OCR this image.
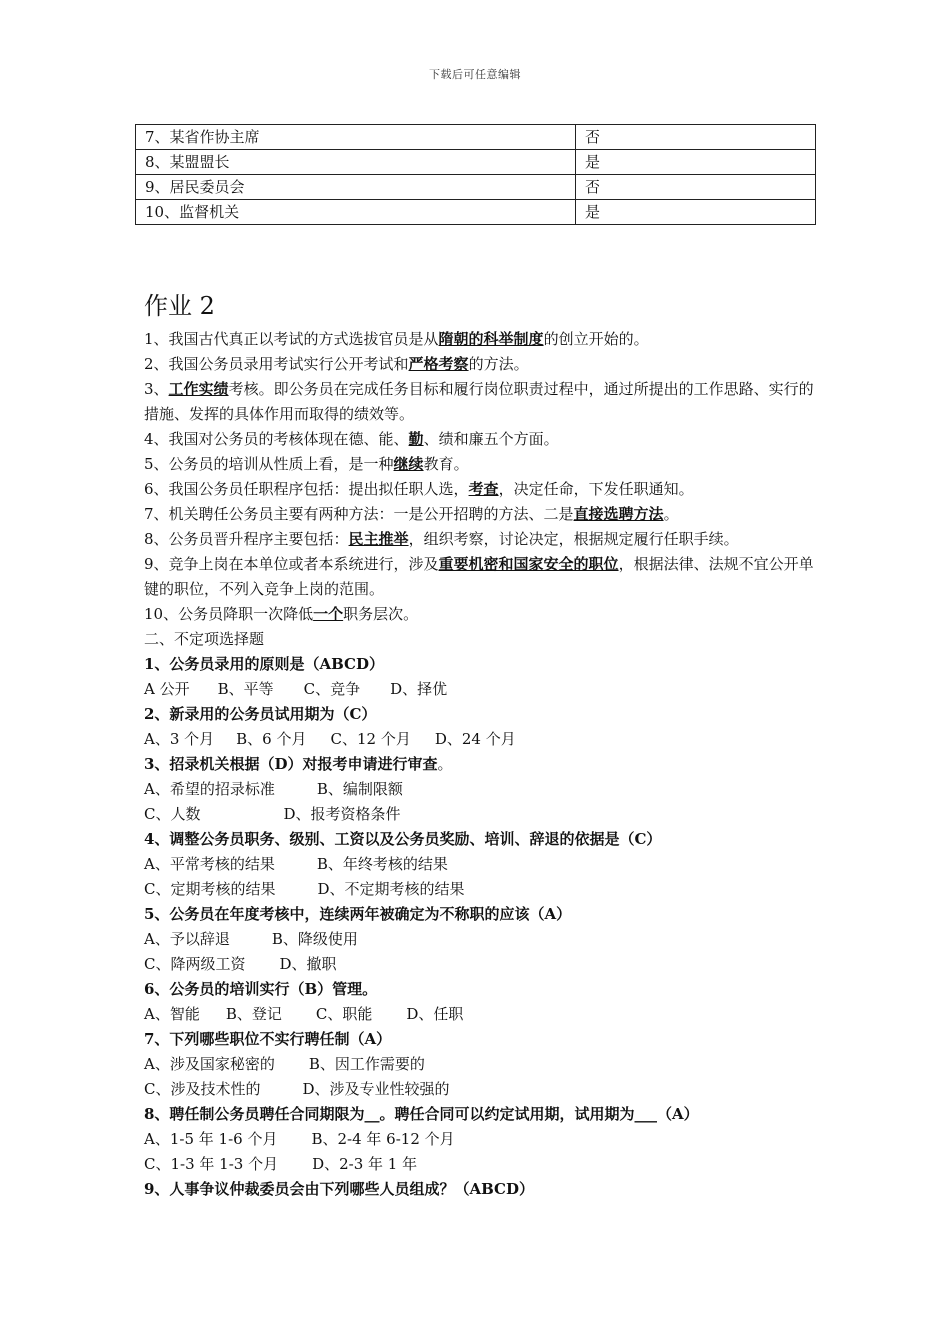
下载后可任意编辑
7、某省作协主席	否
8、某盟盟长	是
9、居民委员会	否
10、监督机关	是
作业 2
1、我国古代真正以考试的方式选拔官员是从隋朝的科举制度的创立开始的。
2、我国公务员录用考试实行公开考试和严格考察的方法。
3、工作实绩考核。即公务员在完成任务目标和履行岗位职责过程中，通过所提出的工作思路、实行的措施、发挥的具体作用而取得的绩效等。
4、我国对公务员的考核体现在德、能、勤、绩和廉五个方面。
5、公务员的培训从性质上看，是一种继续教育。
6、我国公务员任职程序包括：提出拟任职人选，考查，决定任命，下发任职通知。
7、机关聘任公务员主要有两种方法：一是公开招聘的方法、二是直接选聘方法。
8、公务员晋升程序主要包括：民主推举，组织考察，讨论决定，根据规定履行任职手续。
9、竞争上岗在本单位或者本系统进行，涉及重要机密和国家安全的职位，根据法律、法规不宜公开单键的职位，不列入竞争上岗的范围。
10、公务员降职一次降低一个职务层次。
二、不定项选择题
1、公务员录用的原则是（ABCD）
A 公开 B、平等 C、竞争 D、择优
2、新录用的公务员试用期为（C）
A、3 个月 B、6 个月 C、12 个月 D、24 个月
3、招录机关根据（D）对报考申请进行审查。
A、希望的招录标准	B、编制限额
C、人数	D、报考资格条件
4、调整公务员职务、级别、工资以及公务员奖励、培训、辞退的依据是（C）
A、平常考核的结果	B、年终考核的结果
C、定期考核的结果	D、不定期考核的结果
5、公务员在年度考核中，连续两年被确定为不称职的应该（A）
A、予以辞退	B、降级使用
C、降两级工资 D、撤职
6、公务员的培训实行（B）管理。
A、智能 B、登记 C、职能 D、任职
7、下列哪些职位不实行聘任制（A）
A、涉及国家秘密的 B、因工作需要的
C、涉及技术性的	D、涉及专业性较强的
8、聘任制公务员聘任合同期限为__。聘任合同可以约定试用期，试用期为___（A）
A、1-5 年 1-6 个月 B、2-4 年 6-12 个月
C、1-3 年 1-3 个月 D、2-3 年 1 年
9、人事争议仲裁委员会由下列哪些人员组成？（ABCD）
